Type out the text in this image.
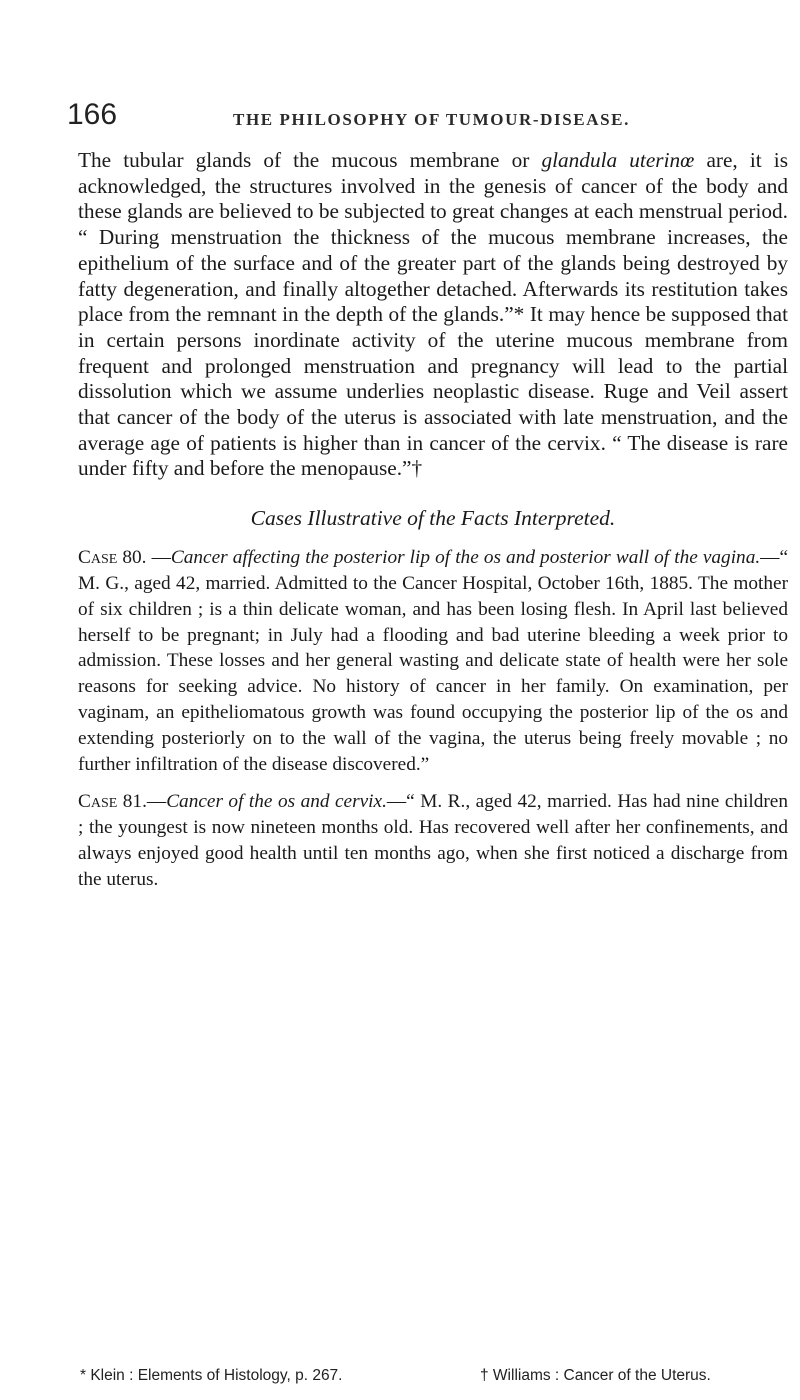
166	THE PHILOSOPHY OF TUMOUR-DISEASE.

The tubular glands of the mucous membrane or glandula uterinœ are, it is acknowledged, the structures involved in the genesis of cancer of the body and these glands are believed to be subjected to great changes at each menstrual period. “ During menstruation the thickness of the mucous membrane increases, the epithelium of the surface and of the greater part of the glands being destroyed by fatty degeneration, and finally altogether detached. Afterwards its restitution takes place from the remnant in the depth of the glands.”* It may hence be supposed that in certain persons inordinate activity of the uterine mucous membrane from frequent and prolonged menstruation and pregnancy will lead to the partial dissolution which we assume underlies neoplastic disease. Ruge and Veil assert that cancer of the body of the uterus is associated with late menstruation, and the average age of patients is higher than in cancer of the cervix. “ The disease is rare under fifty and before the menopause.”†

Cases Illustrative of the Facts Interpreted.

Case 80. —Cancer affecting the posterior lip of the os and posterior wall of the vagina.—“ M. G., aged 42, married. Admitted to the Cancer Hospital, October 16th, 1885. The mother of six children ; is a thin delicate woman, and has been losing flesh. In April last believed herself to be pregnant; in July had a flooding and bad uterine bleeding a week prior to admission. These losses and her general wasting and delicate state of health were her sole reasons for seeking advice. No history of cancer in her family. On examination, per vaginam, an epitheliomatous growth was found occupying the posterior lip of the os and extending posteriorly on to the wall of the vagina, the uterus being freely movable ; no further infiltration of the disease discovered.”

Case 81.—Cancer of the os and cervix.—“ M. R., aged 42, married. Has had nine children ; the youngest is now nineteen months old. Has recovered well after her confinements, and always enjoyed good health until ten months ago, when she first noticed a discharge from the uterus.

* Klein : Elements of Histology, p. 267.	† Williams : Cancer of the Uterus.
